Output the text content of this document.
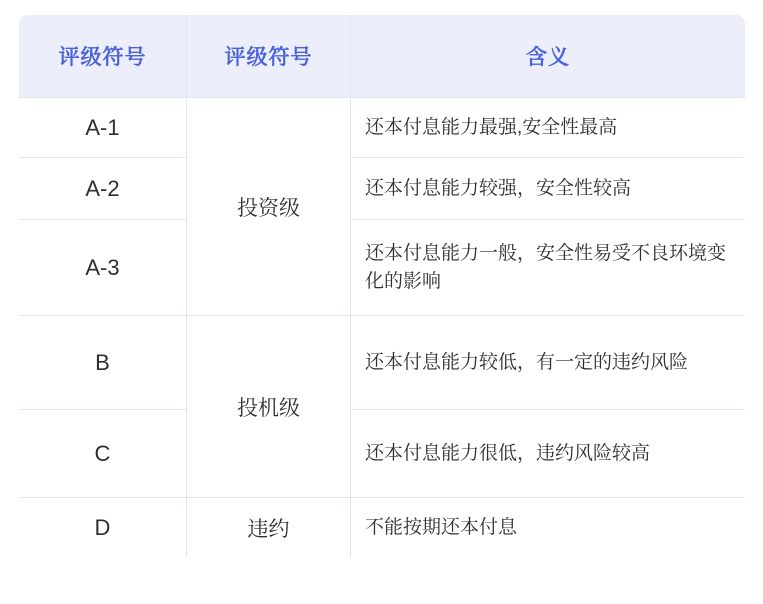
评级符号	评级符号	含义
A-1	投资级	还本付息能力最强,安全性最高
A-2		还本付息能力较强，安全性较高
A-3		还本付息能力一般，安全性易受不良环境变化的影响
B	投机级	还本付息能力较低，有一定的违约风险
C		还本付息能力很低，违约风险较高
D	违约	不能按期还本付息
